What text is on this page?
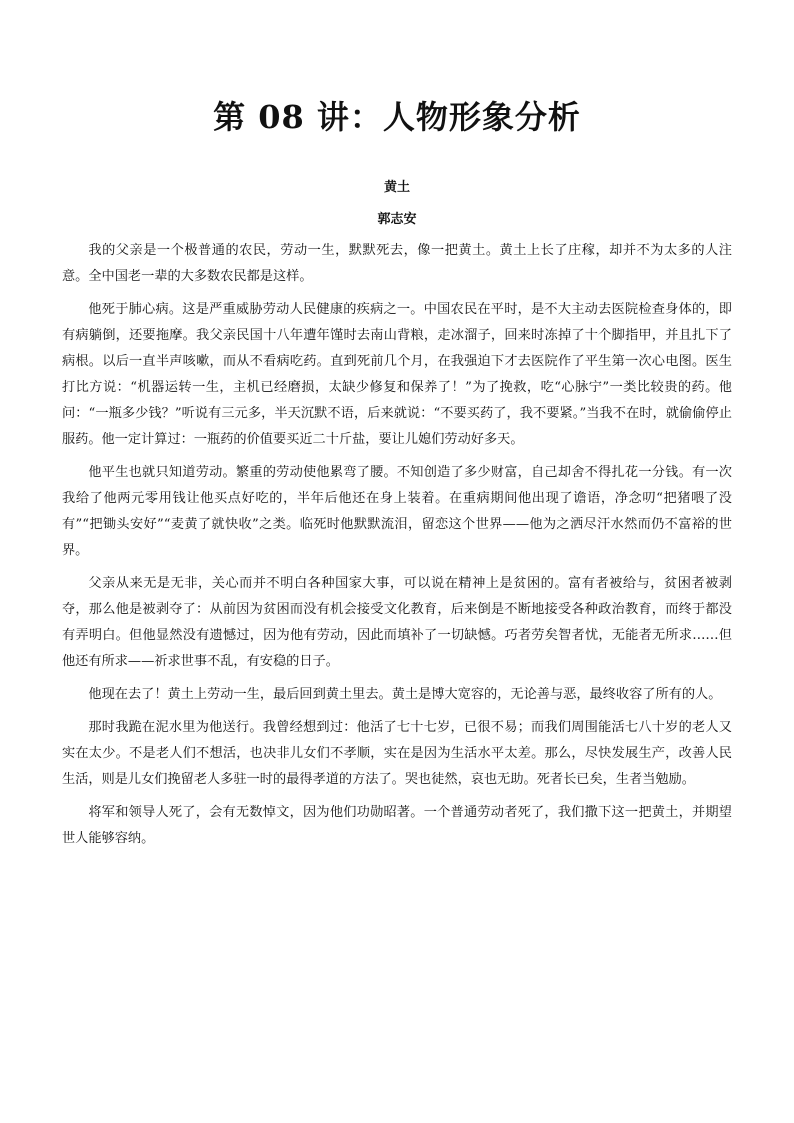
第 08 讲：人物形象分析
黄土
郭志安

我的父亲是一个极普通的农民，劳动一生，默默死去，像一把黄土。黄土上长了庄稼，却并不为太多的人注意。全中国老一辈的大多数农民都是这样。

他死于肺心病。这是严重威胁劳动人民健康的疾病之一。中国农民在平时，是不大主动去医院检查身体的，即有病躺倒，还要拖摩。我父亲民国十八年遭年馑时去南山背粮，走冰溜子，回来时冻掉了十个脚指甲，并且扎下了病根。以后一直半声咳嗽，而从不看病吃药。直到死前几个月，在我强迫下才去医院作了平生第一次心电图。医生打比方说：“机器运转一生，主机已经磨损，太缺少修复和保养了！”为了挽救，吃“心脉宁”一类比较贵的药。他问：“一瓶多少钱？”听说有三元多，半天沉默不语，后来就说：“不要买药了，我不要紧。”当我不在时，就偷偷停止服药。他一定计算过：一瓶药的价值要买近二十斤盐，要让儿媳们劳动好多天。

他平生也就只知道劳动。繁重的劳动使他累弯了腰。不知创造了多少财富，自己却舍不得扎花一分钱。有一次我给了他两元零用钱让他买点好吃的，半年后他还在身上装着。在重病期间他出现了谵语，净念叨“把猪喂了没有”“把锄头安好”“麦黄了就快收”之类。临死时他默默流泪，留恋这个世界——他为之洒尽汗水然而仍不富裕的世界。

父亲从来无是无非，关心而并不明白各种国家大事，可以说在精神上是贫困的。富有者被给与，贫困者被剥夺，那么他是被剥夺了：从前因为贫困而没有机会接受文化教育，后来倒是不断地接受各种政治教育，而终于都没有弄明白。但他显然没有遗憾过，因为他有劳动，因此而填补了一切缺憾。巧者劳矣智者忧，无能者无所求……但他还有所求——祈求世事不乱，有安稳的日子。

他现在去了！黄土上劳动一生，最后回到黄土里去。黄土是博大宽容的，无论善与恶，最终收容了所有的人。

那时我跪在泥水里为他送行。我曾经想到过：他活了七十七岁，已很不易；而我们周围能活七八十岁的老人又实在太少。不是老人们不想活，也决非儿女们不孝顺，实在是因为生活水平太差。那么，尽快发展生产，改善人民生活，则是儿女们挽留老人多驻一时的最得孝道的方法了。哭也徒然，哀也无助。死者长已矣，生者当勉励。

将军和领导人死了，会有无数悼文，因为他们功勋昭著。一个普通劳动者死了，我们撒下这一把黄土，并期望世人能够容纳。
